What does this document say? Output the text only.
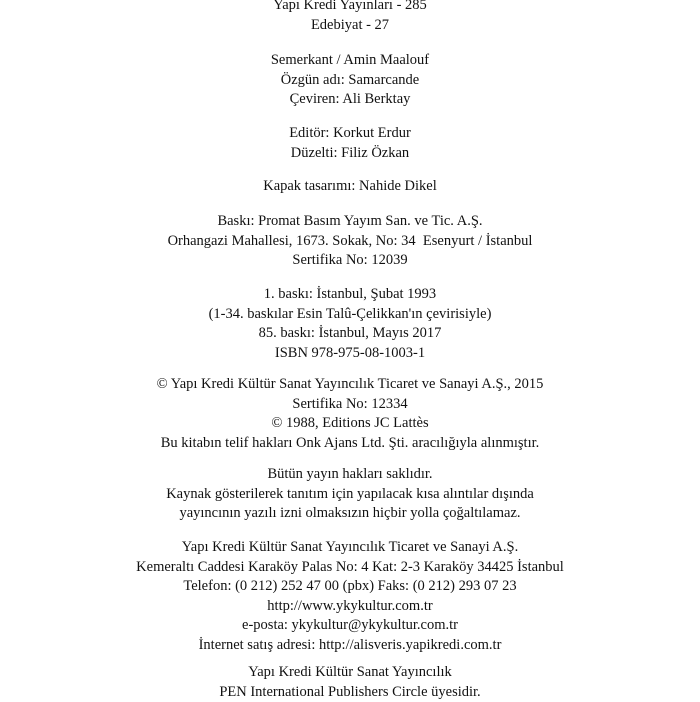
Yapı Kredi Yayınları - 285
Edebiyat - 27
Semerkant / Amin Maalouf
Özgün adı: Samarcande
Çeviren: Ali Berktay
Editör: Korkut Erdur
Düzelti: Filiz Özkan
Kapak tasarımı: Nahide Dikel
Baskı: Promat Basım Yayım San. ve Tic. A.Ş.
Orhangazi Mahallesi, 1673. Sokak, No: 34  Esenyurt / İstanbul
Sertifika No: 12039
1. baskı: İstanbul, Şubat 1993
(1-34. baskılar Esin Talû-Çelikkan'ın çevirisiyle)
85. baskı: İstanbul, Mayıs 2017
ISBN 978-975-08-1003-1
© Yapı Kredi Kültür Sanat Yayıncılık Ticaret ve Sanayi A.Ş., 2015
Sertifika No: 12334
© 1988, Editions JC Lattès
Bu kitabın telif hakları Onk Ajans Ltd. Şti. aracılığıyla alınmıştır.
Bütün yayın hakları saklıdır.
Kaynak gösterilerek tanıtım için yapılacak kısa alıntılar dışında
yayıncının yazılı izni olmaksızın hiçbir yolla çoğaltılamaz.
Yapı Kredi Kültür Sanat Yayıncılık Ticaret ve Sanayi A.Ş.
Kemeraltı Caddesi Karaköy Palas No: 4 Kat: 2-3 Karaköy 34425 İstanbul
Telefon: (0 212) 252 47 00 (pbx) Faks: (0 212) 293 07 23
http://www.ykykultur.com.tr
e-posta: ykykultur@ykykultur.com.tr
İnternet satış adresi: http://alisveris.yapikredi.com.tr
Yapı Kredi Kültür Sanat Yayıncılık
PEN International Publishers Circle üyesidir.
